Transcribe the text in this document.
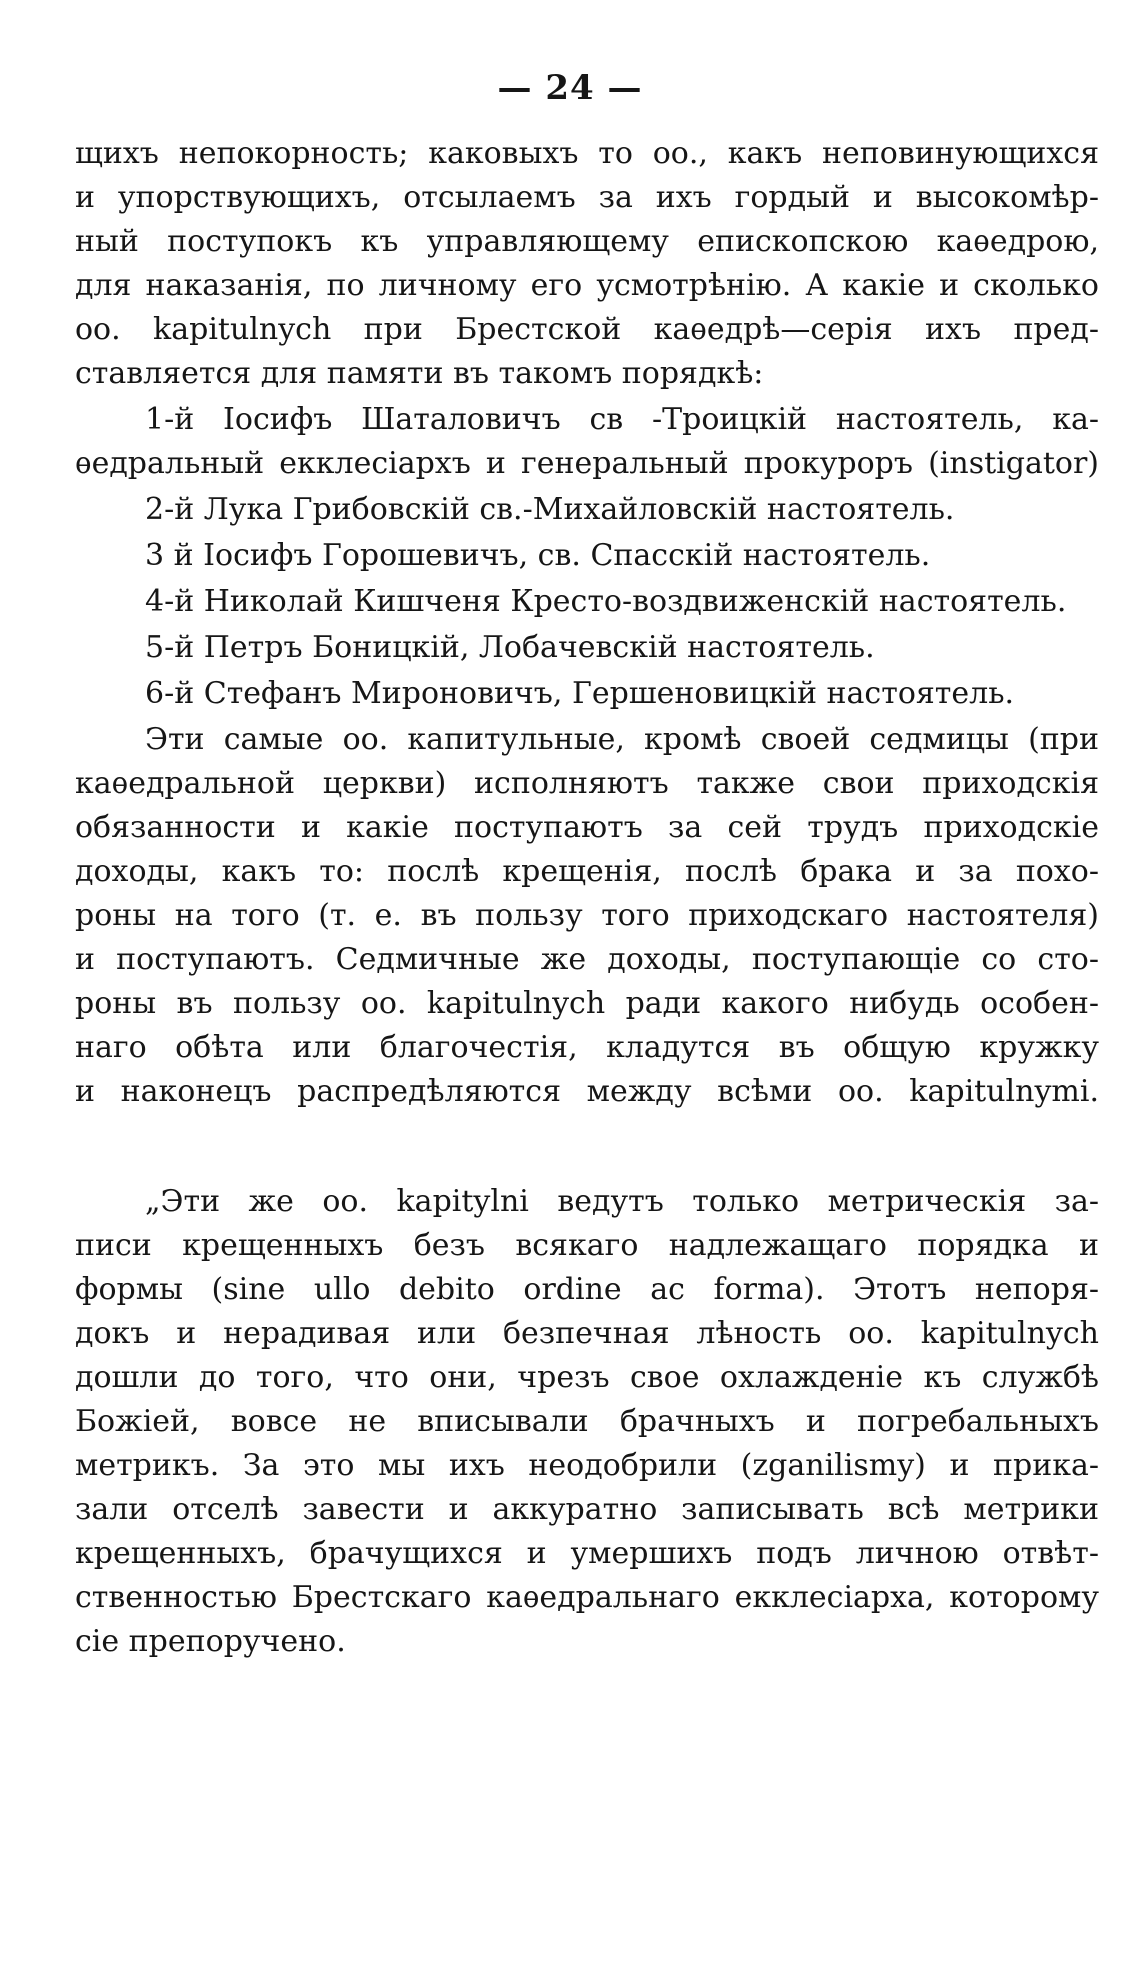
— 24 —
щихъ непокорность; каковыхъ то оо., какъ неповинующихся
и упорствующихъ, отсылаемъ за ихъ гордый и высокомѣр-
ный поступокъ къ управляющему епископскою каѳедрою,
для наказанія, по личному его усмотрѣнію. А какіе и сколько
оо. kapitulnych при Брестской каѳедрѣ—серія ихъ пред-
ставляется для памяти въ такомъ порядкѣ:
1-й Іосифъ Шаталовичъ св -Троицкій настоятель, ка-
ѳедральный екклесіархъ и генеральный прокуроръ (instigator)
2-й Лука Грибовскій св.-Михайловскій настоятель.
3 й Іосифъ Горошевичъ, св. Спасскій настоятель.
4-й Николай Кишченя Кресто-воздвиженскій настоятель.
5-й Петръ Боницкій, Лобачевскій настоятель.
6-й Стефанъ Мироновичъ, Гершеновицкій настоятель.
Эти самые оо. капитульные, кромѣ своей седмицы (при
каѳедральной церкви) исполняютъ также свои приходскія
обязанности и какіе поступаютъ за сей трудъ приходскіе
доходы, какъ то: послѣ крещенія, послѣ брака и за похо-
роны на того (т. е. въ пользу того приходскаго настоятеля)
и поступаютъ. Седмичные же доходы, поступающіе со сто-
роны въ пользу оо. kapitulnych ради какого нибудь особен-
наго обѣта или благочестія, кладутся въ общую кружку
и наконецъ распредѣляются между всѣми оо. kapitulnymi.
„Эти же оо. kapitylni ведутъ только метрическія за-
писи крещенныхъ безъ всякаго надлежащаго порядка и
формы (sine ullo debito ordine ac forma). Этотъ непоря-
докъ и нерадивая или безпечная лѣность оо. kapitulnych
дошли до того, что они, чрезъ свое охлажденіе къ службѣ
Божіей, вовсе не вписывали брачныхъ и погребальныхъ
метрикъ. За это мы ихъ неодобрили (zganilismy) и прика-
зали отселѣ завести и аккуратно записывать всѣ метрики
крещенныхъ, брачущихся и умершихъ подъ личною отвѣт-
ственностью Брестскаго каѳедральнаго екклесіарха, которому
сіе препоручено.
